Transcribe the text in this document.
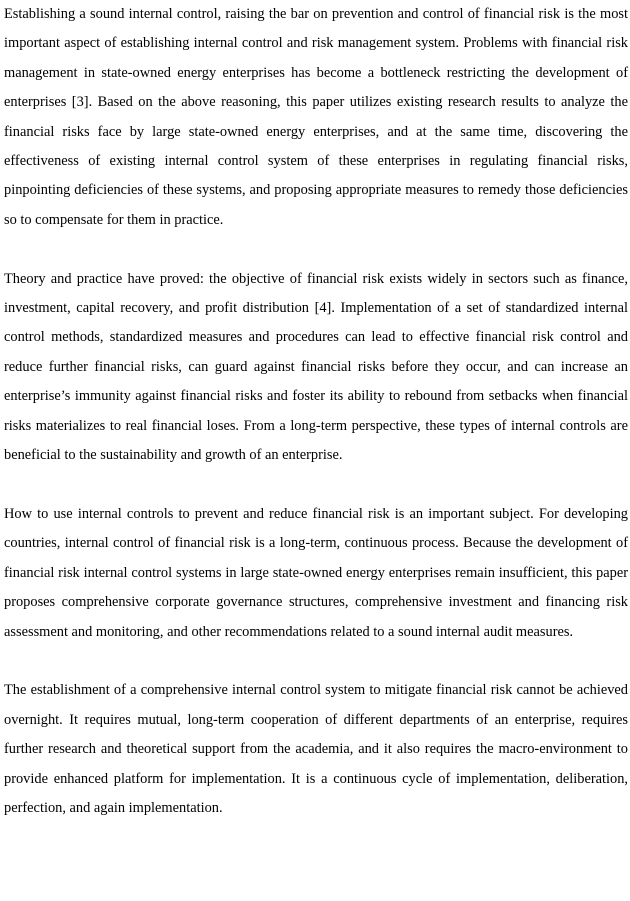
Establishing a sound internal control, raising the bar on prevention and control of financial risk is the most important aspect of establishing internal control and risk management system. Problems with financial risk management in state-owned energy enterprises has become a bottleneck restricting the development of enterprises [3]. Based on the above reasoning, this paper utilizes existing research results to analyze the financial risks face by large state-owned energy enterprises, and at the same time, discovering the effectiveness of existing internal control system of these enterprises in regulating financial risks, pinpointing deficiencies of these systems, and proposing appropriate measures to remedy those deficiencies so to compensate for them in practice.

Theory and practice have proved: the objective of financial risk exists widely in sectors such as finance, investment, capital recovery, and profit distribution [4]. Implementation of a set of standardized internal control methods, standardized measures and procedures can lead to effective financial risk control and reduce further financial risks, can guard against financial risks before they occur, and can increase an enterprise’s immunity against financial risks and foster its ability to rebound from setbacks when financial risks materializes to real financial loses. From a long-term perspective, these types of internal controls are beneficial to the sustainability and growth of an enterprise.

How to use internal controls to prevent and reduce financial risk is an important subject. For developing countries, internal control of financial risk is a long-term, continuous process. Because the development of financial risk internal control systems in large state-owned energy enterprises remain insufficient, this paper proposes comprehensive corporate governance structures, comprehensive investment and financing risk assessment and monitoring, and other recommendations related to a sound internal audit measures.

The establishment of a comprehensive internal control system to mitigate financial risk cannot be achieved overnight. It requires mutual, long-term cooperation of different departments of an enterprise, requires further research and theoretical support from the academia, and it also requires the macro-environment to provide enhanced platform for implementation. It is a continuous cycle of implementation, deliberation, perfection, and again implementation.
